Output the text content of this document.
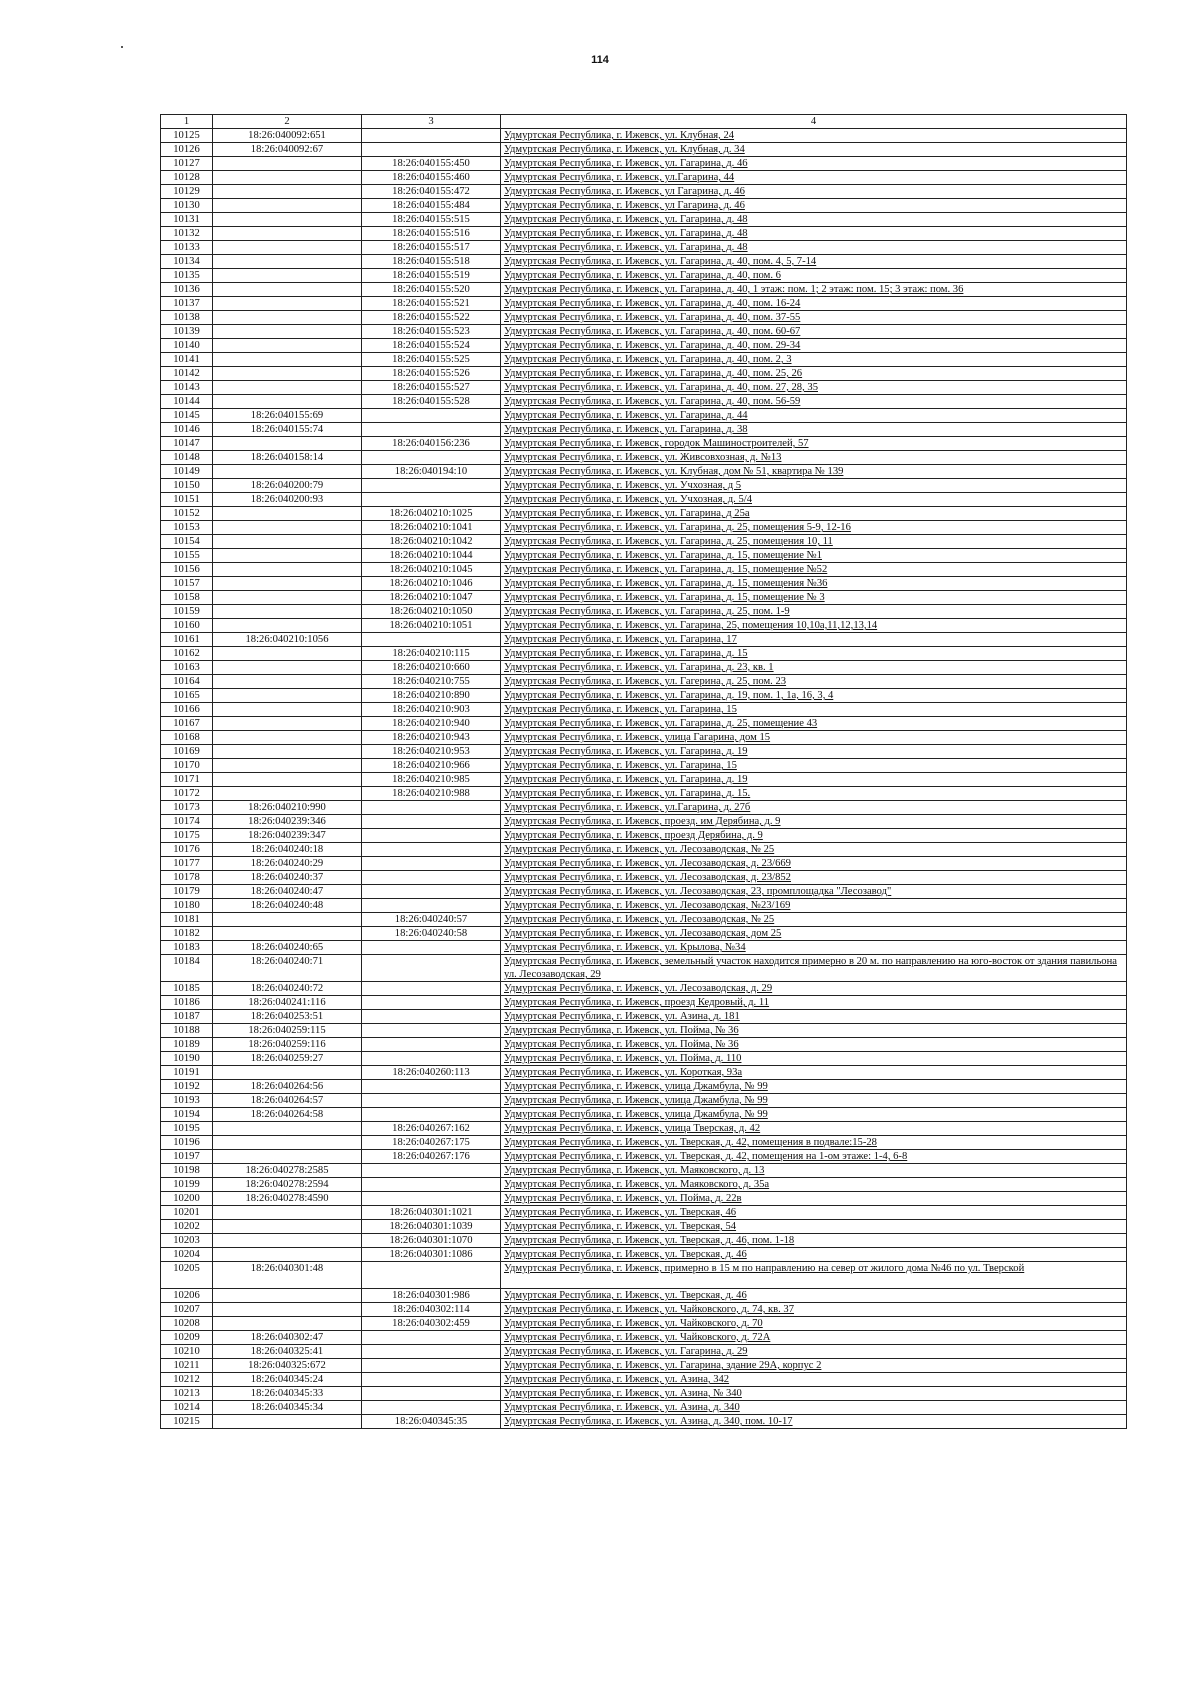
114
1	2	3	4
10125	18:26:040092:651		Удмуртская Республика, г. Ижевск, ул. Клубная, 24
10126	18:26:040092:67		Удмуртская Республика, г. Ижевск, ул. Клубная, д. 34
10127		18:26:040155:450	Удмуртская Республика, г. Ижевск, ул. Гагарина, д. 46
10128		18:26:040155:460	Удмуртская Республика, г. Ижевск, ул.Гагарина, 44
10129		18:26:040155:472	Удмуртская Республика, г. Ижевск, ул Гагарина, д. 46
10130		18:26:040155:484	Удмуртская Республика, г. Ижевск, ул Гагарина, д. 46
10131		18:26:040155:515	Удмуртская Республика, г. Ижевск, ул. Гагарина, д. 48
10132		18:26:040155:516	Удмуртская Республика, г. Ижевск, ул. Гагарина, д. 48
10133		18:26:040155:517	Удмуртская Республика, г. Ижевск, ул. Гагарина, д. 48
10134		18:26:040155:518	Удмуртская Республика, г. Ижевск, ул. Гагарина, д. 40, пом. 4, 5, 7-14
10135		18:26:040155:519	Удмуртская Республика, г. Ижевск, ул. Гагарина, д. 40, пом. 6
10136		18:26:040155:520	Удмуртская Республика, г. Ижевск, ул. Гагарина, д. 40, 1 этаж: пом. 1; 2 этаж: пом. 15; 3 этаж: пом. 36
10137		18:26:040155:521	Удмуртская Республика, г. Ижевск, ул. Гагарина, д. 40, пом. 16-24
10138		18:26:040155:522	Удмуртская Республика, г. Ижевск, ул. Гагарина, д. 40, пом. 37-55
10139		18:26:040155:523	Удмуртская Республика, г. Ижевск, ул. Гагарина, д. 40, пом. 60-67
10140		18:26:040155:524	Удмуртская Республика, г. Ижевск, ул. Гагарина, д. 40, пом. 29-34
10141		18:26:040155:525	Удмуртская Республика, г. Ижевск, ул. Гагарина, д. 40, пом. 2, 3
10142		18:26:040155:526	Удмуртская Республика, г. Ижевск, ул. Гагарина, д. 40, пом. 25, 26
10143		18:26:040155:527	Удмуртская Республика, г. Ижевск, ул. Гагарина, д. 40, пом. 27, 28, 35
10144		18:26:040155:528	Удмуртская Республика, г. Ижевск, ул. Гагарина, д. 40, пом. 56-59
10145	18:26:040155:69		Удмуртская Республика, г. Ижевск, ул. Гагарина, д. 44
10146	18:26:040155:74		Удмуртская Республика, г. Ижевск, ул. Гагарина, д. 38
10147		18:26:040156:236	Удмуртская Республика, г. Ижевск, городок Машиностроителей, 57
10148	18:26:040158:14		Удмуртская Республика, г. Ижевск, ул. Живсовхозная, д. №13
10149		18:26:040194:10	Удмуртская Республика, г. Ижевск, ул. Клубная, дом № 51, квартира № 139
10150	18:26:040200:79		Удмуртская Республика, г. Ижевск, ул. Учхозная, д 5
10151	18:26:040200:93		Удмуртская Республика, г. Ижевск, ул. Учхозная, д. 5/4
10152		18:26:040210:1025	Удмуртская Республика, г. Ижевск, ул. Гагарина, д 25а
10153		18:26:040210:1041	Удмуртская Республика, г. Ижевск, ул. Гагарина, д. 25, помещения 5-9, 12-16
10154		18:26:040210:1042	Удмуртская Республика, г. Ижевск, ул. Гагарина, д. 25, помещения 10, 11
10155		18:26:040210:1044	Удмуртская Республика, г. Ижевск, ул. Гагарина, д. 15, помещение №1
10156		18:26:040210:1045	Удмуртская Республика, г. Ижевск, ул. Гагарина, д. 15, помещение №52
10157		18:26:040210:1046	Удмуртская Республика, г. Ижевск, ул. Гагарина, д. 15, помещения №36
10158		18:26:040210:1047	Удмуртская Республика, г. Ижевск, ул. Гагарина, д. 15, помещение № 3
10159		18:26:040210:1050	Удмуртская Республика, г. Ижевск, ул. Гагарина, д. 25, пом. 1-9
10160		18:26:040210:1051	Удмуртская Республика, г. Ижевск, ул. Гагарина, 25, помещения 10,10а,11,12,13,14
10161	18:26:040210:1056		Удмуртская Республика, г. Ижевск, ул. Гагарина, 17
10162		18:26:040210:115	Удмуртская Республика, г. Ижевск, ул. Гагарина, д. 15
10163		18:26:040210:660	Удмуртская Республика, г. Ижевск, ул. Гагарина, д. 23, кв. 1
10164		18:26:040210:755	Удмуртская Республика, г. Ижевск, ул. Гагерина, д. 25, пом. 23
10165		18:26:040210:890	Удмуртская Республика, г. Ижевск, ул. Гагарина, д. 19, пом. 1, 1а, 16, 3, 4
10166		18:26:040210:903	Удмуртская Республика, г. Ижевск, ул. Гагарина, 15
10167		18:26:040210:940	Удмуртская Республика, г. Ижевск, ул. Гагарина, д. 25, помещение 43
10168		18:26:040210:943	Удмуртская Республика, г. Ижевск, улица Гагарина, дом 15
10169		18:26:040210:953	Удмуртская Республика, г. Ижевск, ул. Гагарина, д. 19
10170		18:26:040210:966	Удмуртская Республика, г. Ижевск, ул. Гагарина, 15
10171		18:26:040210:985	Удмуртская Республика, г. Ижевск, ул. Гагарина, д. 19
10172		18:26:040210:988	Удмуртская Республика, г. Ижевск, ул. Гагарина, д. 15.
10173	18:26:040210:990		Удмуртская Республика, г. Ижевск, ул.Гагарина, д. 27б
10174	18:26:040239:346		Удмуртская Республика, г. Ижевск, проезд. им Дерябина, д. 9
10175	18:26:040239:347		Удмуртская Республика, г. Ижевск, проезд Дерябина, д. 9
10176	18:26:040240:18		Удмуртская Республика, г. Ижевск, ул. Лесозаводская, № 25
10177	18:26:040240:29		Удмуртская Республика, г. Ижевск, ул. Лесозаводская, д. 23/669
10178	18:26:040240:37		Удмуртская Республика, г. Ижевск, ул. Лесозаводская, д. 23/852
10179	18:26:040240:47		Удмуртская Республика, г. Ижевск, ул. Лесозаводская, 23, промплощадка "Лесозавод"
10180	18:26:040240:48		Удмуртская Республика, г. Ижевск, ул. Лесозаводская, №23/169
10181		18:26:040240:57	Удмуртская Республика, г. Ижевск, ул. Лесозаводская, № 25
10182		18:26:040240:58	Удмуртская Республика, г. Ижевск, ул. Лесозаводская, дом 25
10183	18:26:040240:65		Удмуртская Республика, г. Ижевск, ул. Крылова, №34
10184	18:26:040240:71		Удмуртская Республика, г. Ижевск, земельный участок находится примерно в 20 м. по направлению на юго-восток от здания павильона ул. Лесозаводская, 29
10185	18:26:040240:72		Удмуртская Республика, г. Ижевск, ул. Лесозаводская, д. 29
10186	18:26:040241:116		Удмуртская Республика, г. Ижевск, проезд Кедровый, д. 11
10187	18:26:040253:51		Удмуртская Республика, г. Ижевск, ул. Азина, д. 181
10188	18:26:040259:115		Удмуртская Республика, г. Ижевск, ул. Пойма, № 36
10189	18:26:040259:116		Удмуртская Республика, г. Ижевск, ул. Пойма, № 36
10190	18:26:040259:27		Удмуртская Республика, г. Ижевск, ул. Пойма, д. 110
10191		18:26:040260:113	Удмуртская Республика, г. Ижевск, ул. Короткая, 93а
10192	18:26:040264:56		Удмуртская Республика, г. Ижевск, улица Джамбула, № 99
10193	18:26:040264:57		Удмуртская Республика, г. Ижевск, улица Джамбула, № 99
10194	18:26:040264:58		Удмуртская Республика, г. Ижевск, улица Джамбула, № 99
10195		18:26:040267:162	Удмуртская Республика, г. Ижевск, улица Тверская, д. 42
10196		18:26:040267:175	Удмуртская Республика, г. Ижевск, ул. Тверская, д. 42, помещения в подвале:15-28
10197		18:26:040267:176	Удмуртская Республика, г. Ижевск, ул. Тверская, д. 42, помещения на 1-ом этаже: 1-4, 6-8
10198	18:26:040278:2585		Удмуртская Республика, г. Ижевск, ул. Маяковского, д. 13
10199	18:26:040278:2594		Удмуртская Республика, г. Ижевск, ул. Маяковского, д. 35а
10200	18:26:040278:4590		Удмуртская Республика, г. Ижевск, ул. Пойма, д. 22в
10201		18:26:040301:1021	Удмуртская Республика, г. Ижевск, ул. Тверская, 46
10202		18:26:040301:1039	Удмуртская Республика, г. Ижевск, ул. Тверская, 54
10203		18:26:040301:1070	Удмуртская Республика, г. Ижевск, ул. Тверская, д. 46, пом. 1-18
10204		18:26:040301:1086	Удмуртская Республика, г. Ижевск, ул. Тверская, д. 46
10205	18:26:040301:48		Удмуртская Республика, г. Ижевск, примерно в 15 м по направлению на север от жилого дома №46 по ул. Тверской
10206		18:26:040301:986	Удмуртская Республика, г. Ижевск, ул. Тверская, д. 46
10207		18:26:040302:114	Удмуртская Республика, г. Ижевск, ул. Чайковского, д. 74, кв. 37
10208		18:26:040302:459	Удмуртская Республика, г. Ижевск, ул. Чайковского, д. 70
10209	18:26:040302:47		Удмуртская Республика, г. Ижевск, ул. Чайковского, д. 72А
10210	18:26:040325:41		Удмуртская Республика, г. Ижевск, ул. Гагарина, д. 29
10211	18:26:040325:672		Удмуртская Республика, г. Ижевск, ул. Гагарина, здание 29А, корпус 2
10212	18:26:040345:24		Удмуртская Республика, г. Ижевск, ул. Азина, 342
10213	18:26:040345:33		Удмуртская Республика, г. Ижевск, ул. Азина, № 340
10214	18:26:040345:34		Удмуртская Республика, г. Ижевск, ул. Азина, д. 340
10215		18:26:040345:35	Удмуртская Республика, г. Ижевск, ул. Азина, д. 340, пом. 10-17
